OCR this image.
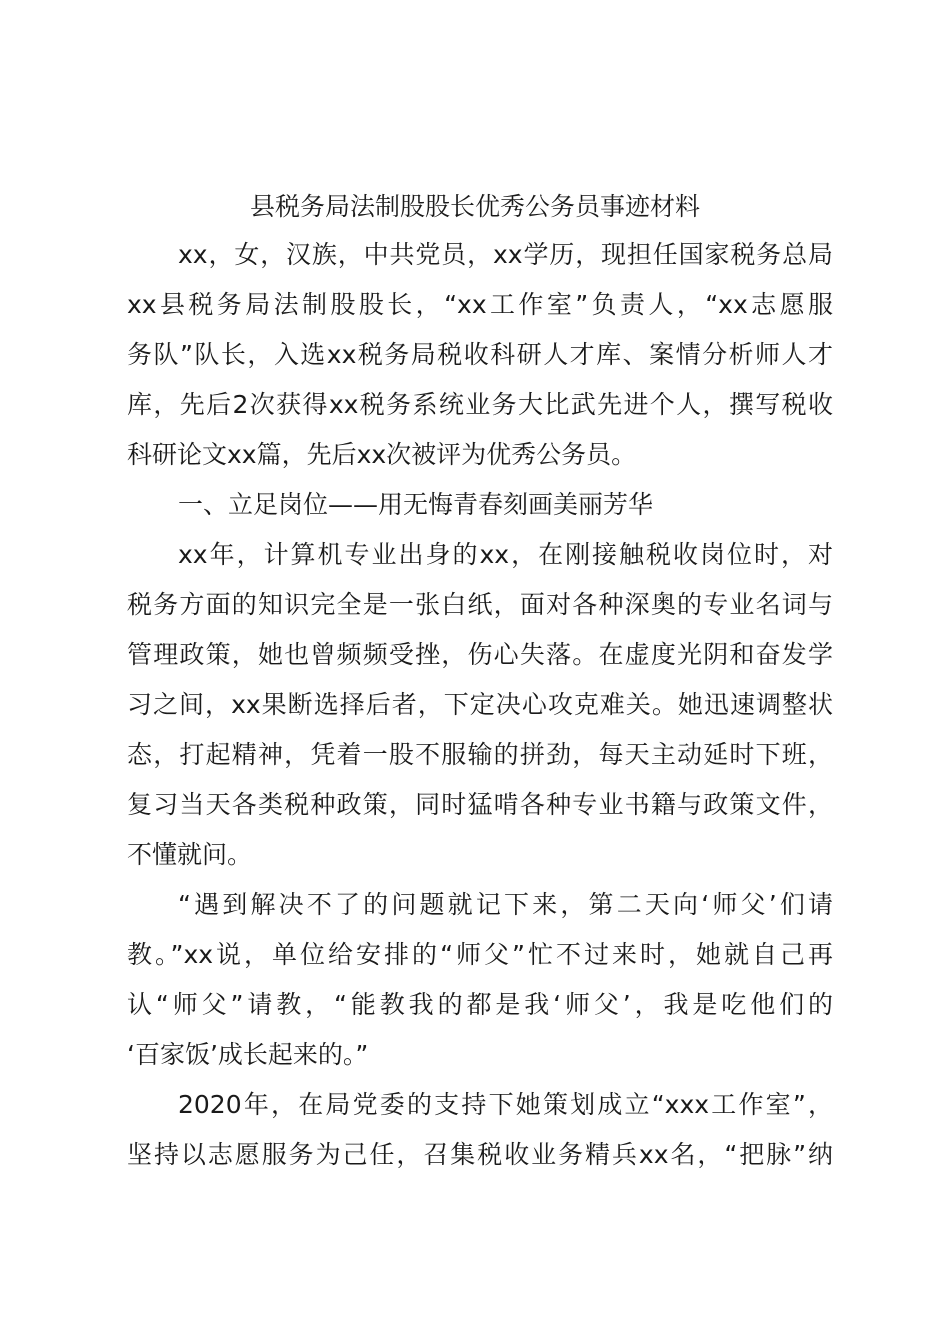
县税务局法制股股长优秀公务员事迹材料

xx，女，汉族，中共党员，xx学历，现担任国家税务总局

xx县税务局法制股股长，“xx工作室”负责人，“xx志愿服

务队”队长，入选xx税务局税收科研人才库、案情分析师人才

库，先后2次获得xx税务系统业务大比武先进个人，撰写税收

科研论文xx篇，先后xx次被评为优秀公务员。

一、立足岗位——用无悔青春刻画美丽芳华

xx年，计算机专业出身的xx，在刚接触税收岗位时，对

税务方面的知识完全是一张白纸，面对各种深奥的专业名词与

管理政策，她也曾频频受挫，伤心失落。在虚度光阴和奋发学

习之间，xx果断选择后者，下定决心攻克难关。她迅速调整状

态，打起精神，凭着一股不服输的拼劲，每天主动延时下班，

复习当天各类税种政策，同时猛啃各种专业书籍与政策文件，

不懂就问。

“遇到解决不了的问题就记下来，第二天向‘师父’们请

教。”xx说，单位给安排的“师父”忙不过来时，她就自己再

认“师父”请教，“能教我的都是我‘师父’，我是吃他们的

‘百家饭’成长起来的。”

2020年，在局党委的支持下她策划成立“xxx工作室”，

坚持以志愿服务为己任，召集税收业务精兵xx名，“把脉”纳
